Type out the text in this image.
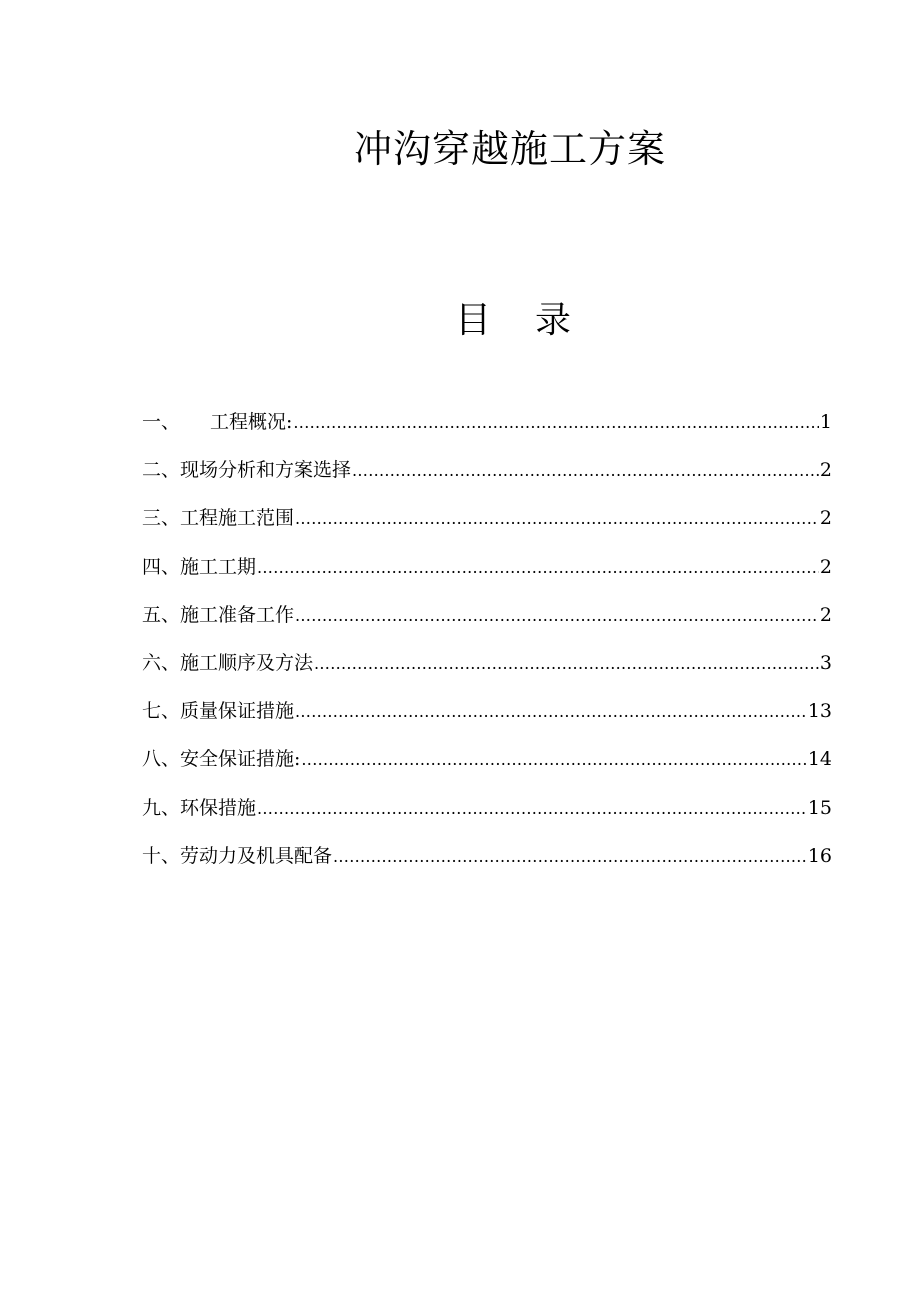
冲沟穿越施工方案
目 录
一、	工程概况: .....	1
二、 现场分析和方案选择 .....	2
三、 工程施工范围 .....	2
四、 施工工期 .....	2
五、 施工准备工作 .....	2
六、 施工顺序及方法 .....	3
七、 质量保证措施 .....	13
八、 安全保证措施: .....	14
九、 环保措施 .....	15
十、 劳动力及机具配备 .....	16
